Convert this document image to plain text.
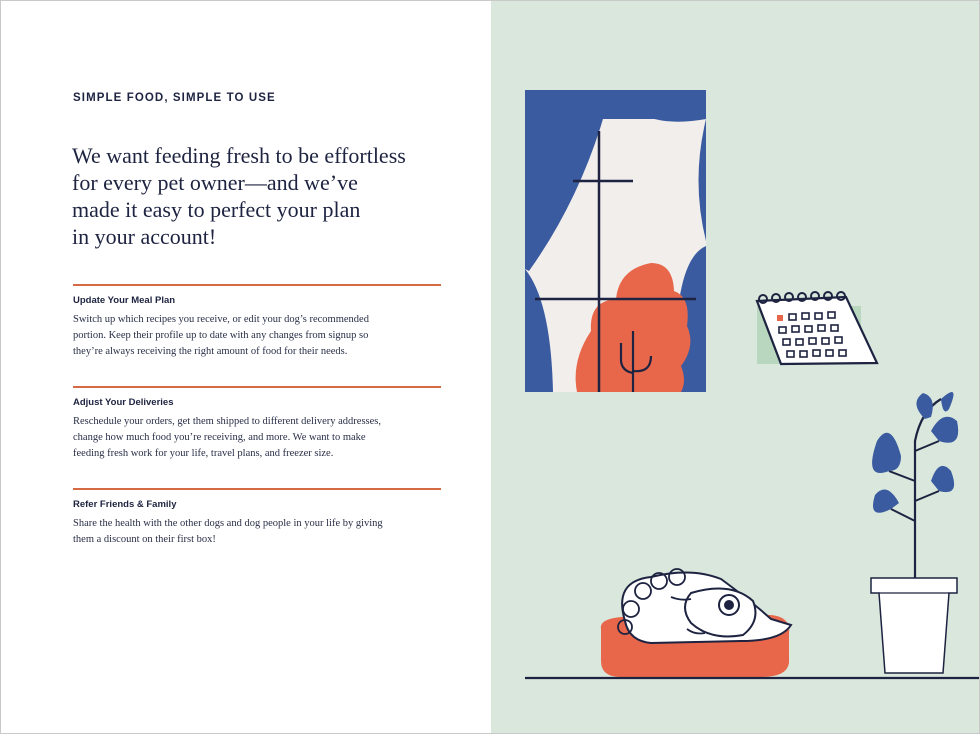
SIMPLE FOOD, SIMPLE TO USE
We want feeding fresh to be effortless
for every pet owner—and we’ve
made it easy to perfect your plan
in your account!
Update Your Meal Plan

Switch up which recipes you receive, or edit your dog’s recommended
portion. Keep their profile up to date with any changes from signup so
they’re always receiving the right amount of food for their needs.

Adjust Your Deliveries

Reschedule your orders, get them shipped to different delivery addresses,
change how much food you’re receiving, and more. We want to make
feeding fresh work for your life, travel plans, and freezer size.

Refer Friends & Family

Share the health with the other dogs and dog people in your life by giving
them a discount on their first box!
